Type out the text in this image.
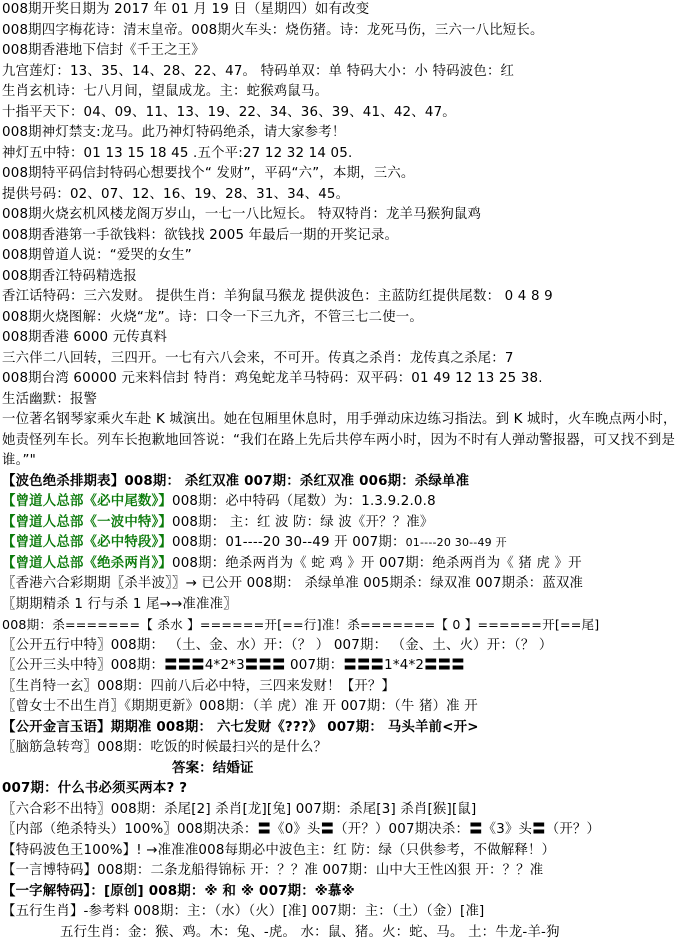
008期开奖日期为 2017 年 01 月 19 日（星期四）如有改变
008期四字梅花诗：清末皇帝。008期火车头：烧伤猪。诗：龙死马伤，三六一八比短长。
008期香港地下信封《千王之王》
九宫莲灯：13、35、14、28、22、47。 特码单双：单 特码大小：小 特码波色：红
生肖玄机诗：七八月间，望鼠成龙。主：蛇猴鸡鼠马。
十指平天下：04、09、11、13、19、22、34、36、39、41、42、47。
008期神灯禁支:龙马。此乃神灯特码绝杀，请大家参考！
神灯五中特：01 13 15 18 45 .五个平:27 12 32 14 05.
008期特平码信封特码心想要找个“ 发财”，平码“六”，本期，三六。
提供号码：02、07、12、16、19、28、31、34、45。
008期火烧玄机风楼龙阁万岁山，一七一八比短长。 特双特肖：龙羊马猴狗鼠鸡
008期香港第一手欲钱料：欲钱找 2005 年最后一期的开奖记录。
008期曾道人说：“爱哭的女生”
008期香江特码精选报
香江话特码：三六发财。 提供生肖：羊狗鼠马猴龙 提供波色：主蓝防红提供尾数： 0 4 8 9
008期火烧图解：火烧“龙”。诗：口令一下三九齐，不管三七二使一。
008期香港 6000 元传真料
三六伴二八回转，三四开。一七有六八会来，不可开。传真之杀肖：龙传真之杀尾：7
008期台湾 60000 元来料信封 特肖：鸡兔蛇龙羊马特码：双平码：01 49 12 13 25 38.
生活幽默：报警
一位著名钢琴家乘火车赴 K 城演出。她在包厢里休息时，用手弹动床边练习指法。到 K 城时，火车晚点两小时，她责怪列车长。列车长抱歉地回答说：“我们在路上先后共停车两小时，因为不时有人弹动警报器，可又找不到是谁。”"
【波色绝杀排期表】008期： 杀红双准 007期：杀红双准 006期：杀绿单准
【曾道人总部《必中尾数》】008期：必中特码（尾数）为：1.3.9.2.0.8
【曾道人总部《一波中特》】008期： 主：红 波 防：绿 波《开？？准》
【曾道人总部《必中特段》】008期：01----20 30--49 开 007期：01----20 30--49 开
【曾道人总部《绝杀两肖》】008期：绝杀两肖为《 蛇 鸡 》开 007期：绝杀两肖为《 猪 虎 》开
〖香港六合彩期期〖杀半波〗〗→ 已公开 008期： 杀绿单准 005期杀：绿双准 007期杀：蓝双准
〖期期精杀 1 行与杀 1 尾→→准准准〗
008期：杀=======【 杀水 】======开[==行]准！杀=======【 0 】======开[==尾]
〖公开五行中特〗008期： （土、金、水）开：（？ ） 007期： （金、土、火）开：（？ ）
〖公开三头中特〗008期：〓〓〓4*2*3〓〓〓 007期：〓〓〓1*4*2〓〓〓
〖生肖特一玄〗008期：四前八后必中特，三四来发财！【开？】
〖曾女士不出生肖〗《期期更新》008期：（羊 虎）准 开 007期：（牛 猪）准 开
【公开金言玉语】期期准 008期： 六七发财《???》 007期： 马头羊前<开>
〖脑筋急转弯〗008期：吃饭的时候最扫兴的是什么？
答案：结婚证
007期：什么书必须买两本? ?
〖六合彩不出特〗008期：杀尾[2] 杀肖[龙][兔] 007期：杀尾[3] 杀肖[猴][鼠]
〖内部（绝杀特头）100%〗008期决杀：〓《0》头〓（开？）007期决杀：〓《3》头〓（开？）
【特码波色王100%】! →准准准008每期必中波色主：红 防：绿（只供参考，不做解释！）
【一言博特码】008期：二条龙船得锦标 开：？？准 007期：山中大王性凶狠 开：？？准
【一字解特码】：[原创] 008期：※ 和 ※ 007期：※慕※
【五行生肖】-参考料 008期：主：（水）（火）[准] 007期：主：（土）（金）[准]
五行生肖：金：猴、鸡。木：兔、-虎。 水：鼠、猪。火：蛇、马。 土：牛龙-羊-狗
